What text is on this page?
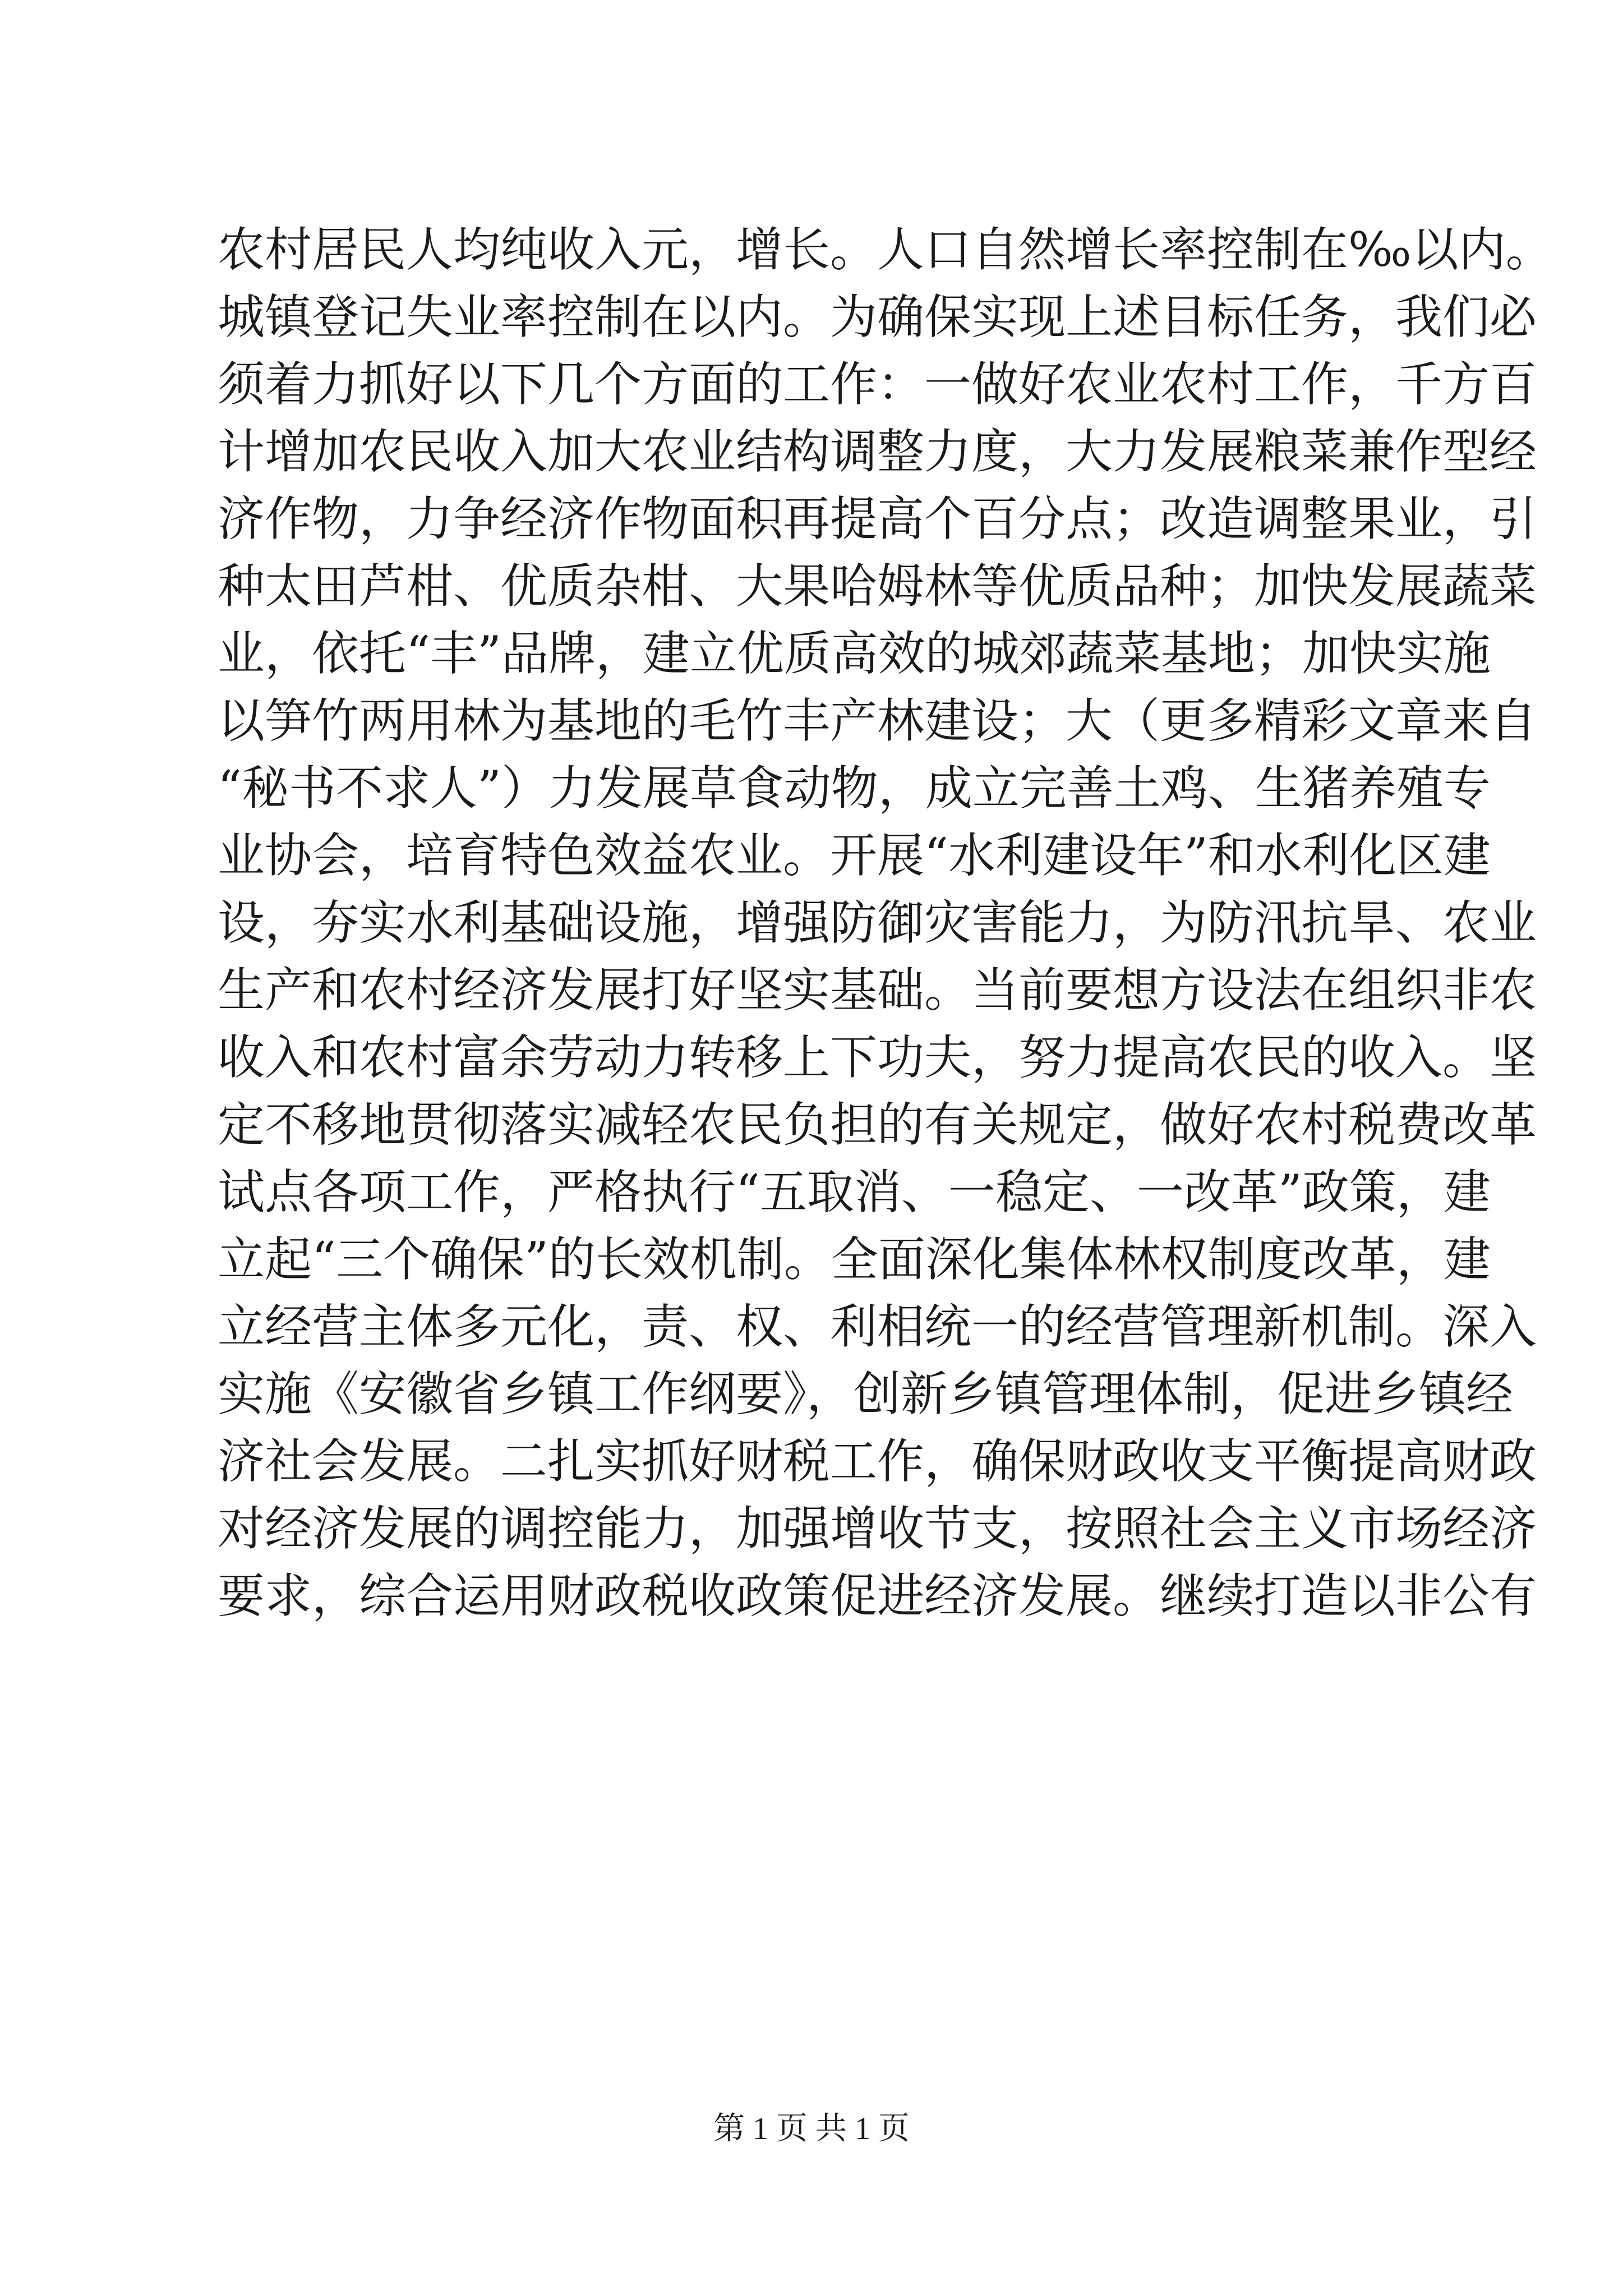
农村居民人均纯收入元，增长。人口自然增长率控制在‰以内。
城镇登记失业率控制在以内。为确保实现上述目标任务，我们必
须着力抓好以下几个方面的工作：一做好农业农村工作，千方百
计增加农民收入加大农业结构调整力度，大力发展粮菜兼作型经
济作物，力争经济作物面积再提高个百分点；改造调整果业，引
种太田芦柑、优质杂柑、大果哈姆林等优质品种；加快发展蔬菜
业，依托“丰”品牌，建立优质高效的城郊蔬菜基地；加快实施
以笋竹两用林为基地的毛竹丰产林建设；大（更多精彩文章来自
“秘书不求人”）力发展草食动物，成立完善土鸡、生猪养殖专
业协会，培育特色效益农业。开展“水利建设年”和水利化区建
设，夯实水利基础设施，增强防御灾害能力，为防汛抗旱、农业
生产和农村经济发展打好坚实基础。当前要想方设法在组织非农
收入和农村富余劳动力转移上下功夫，努力提高农民的收入。坚
定不移地贯彻落实减轻农民负担的有关规定，做好农村税费改革
试点各项工作，严格执行“五取消、一稳定、一改革”政策，建
立起“三个确保”的长效机制。全面深化集体林权制度改革，建
立经营主体多元化，责、权、利相统一的经营管理新机制。深入
实施《安徽省乡镇工作纲要》，创新乡镇管理体制，促进乡镇经
济社会发展。二扎实抓好财税工作，确保财政收支平衡提高财政
对经济发展的调控能力，加强增收节支，按照社会主义市场经济
要求，综合运用财政税收政策促进经济发展。继续打造以非公有
第 1 页 共 1 页
